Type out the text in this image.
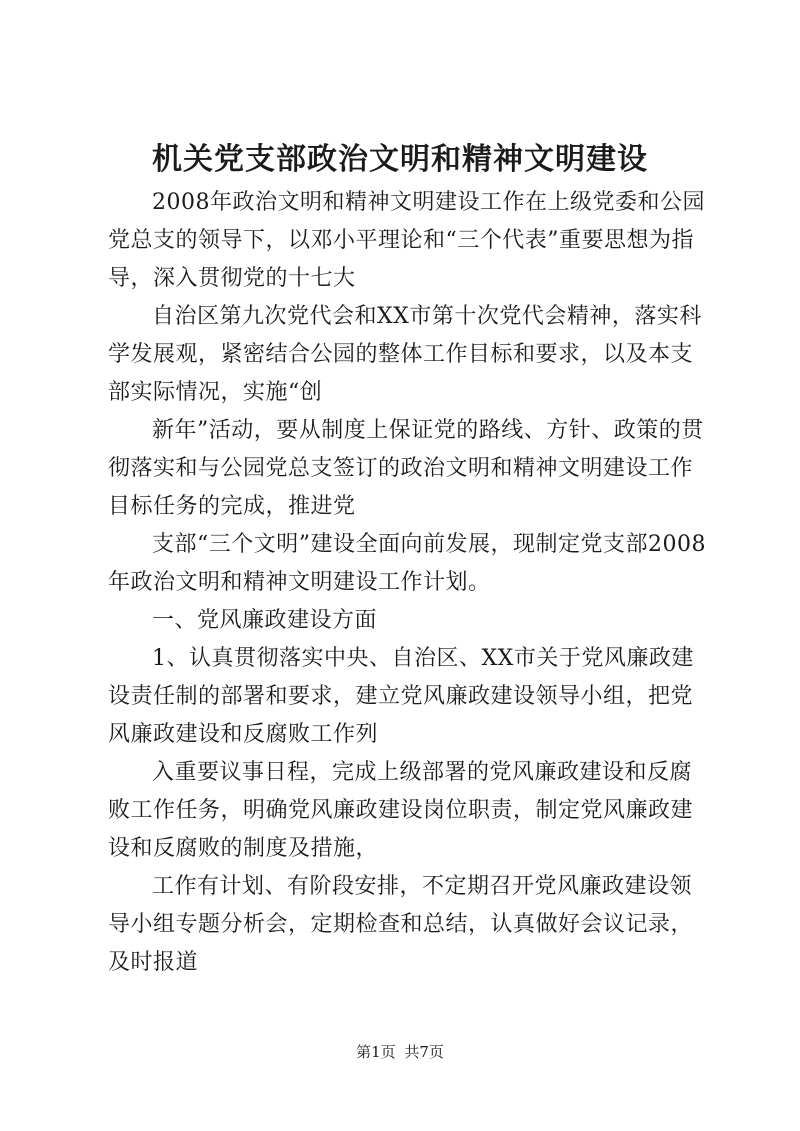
机关党支部政治文明和精神文明建设

2008年政治文明和精神文明建设工作在上级党委和公园党总支的领导下，以邓小平理论和“三个代表”重要思想为指导，深入贯彻党的十七大

自治区第九次党代会和XX市第十次党代会精神，落实科学发展观，紧密结合公园的整体工作目标和要求，以及本支部实际情况，实施“创

新年”活动，要从制度上保证党的路线、方针、政策的贯彻落实和与公园党总支签订的政治文明和精神文明建设工作目标任务的完成，推进党

支部“三个文明”建设全面向前发展，现制定党支部2008年政治文明和精神文明建设工作计划。

一、党风廉政建设方面

1、认真贯彻落实中央、自治区、XX市关于党风廉政建设责任制的部署和要求，建立党风廉政建设领导小组，把党风廉政建设和反腐败工作列

入重要议事日程，完成上级部署的党风廉政建设和反腐败工作任务，明确党风廉政建设岗位职责，制定党风廉政建设和反腐败的制度及措施，

工作有计划、有阶段安排，不定期召开党风廉政建设领导小组专题分析会，定期检查和总结，认真做好会议记录，及时报道

第1页 共7页
